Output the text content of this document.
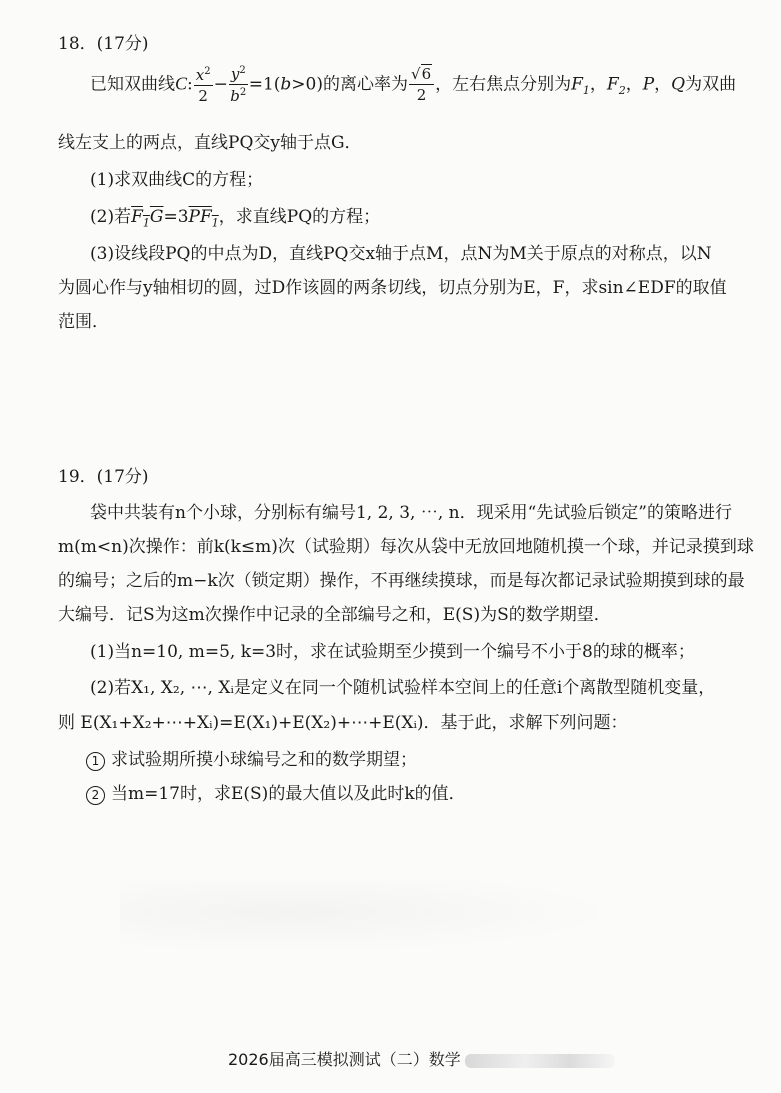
18．(17分)
已知双曲线C: $\frac{x^2}{2} - \frac{y^2}{b^2} =1(b>0)$的离心率为 $\frac{√6}{2}$ ，左右焦点分别为$F_1$，$F_2$，P，Q为双曲
线左支上的两点，直线PQ交y轴于点G．
(1)求双曲线C的方程；
(2)若$F_1G=3PF_1$，求直线PQ的方程；
(3)设线段PQ的中点为D，直线PQ交x轴于点M，点N为M关于原点的对称点，以N
为圆心作与y轴相切的圆，过D作该圆的两条切线，切点分别为E，F，求sin∠EDF的取值
范围．
19．(17分)
袋中共装有n个小球，分别标有编号1, 2, 3, ⋯, n．现采用“先试验后锁定”的策略进行
m(m<n)次操作：前k(k≤m)次（试验期）每次从袋中无放回地随机摸一个球，并记录摸到球
的编号；之后的m−k次（锁定期）操作，不再继续摸球，而是每次都记录试验期摸到球的最
大编号．记S为这m次操作中记录的全部编号之和，E(S)为S的数学期望．
(1)当n=10, m=5, k=3时，求在试验期至少摸到一个编号不小于8的球的概率；
(2)若X₁, X₂, ⋯, Xᵢ是定义在同一个随机试验样本空间上的任意i个离散型随机变量，
则 E(X₁+X₂+⋯+Xᵢ)=E(X₁)+E(X₂)+⋯+E(Xᵢ)．基于此，求解下列问题：
1 求试验期所摸小球编号之和的数学期望；
2 当m=17时，求E(S)的最大值以及此时k的值．
2026届高三模拟测试（二）数学
